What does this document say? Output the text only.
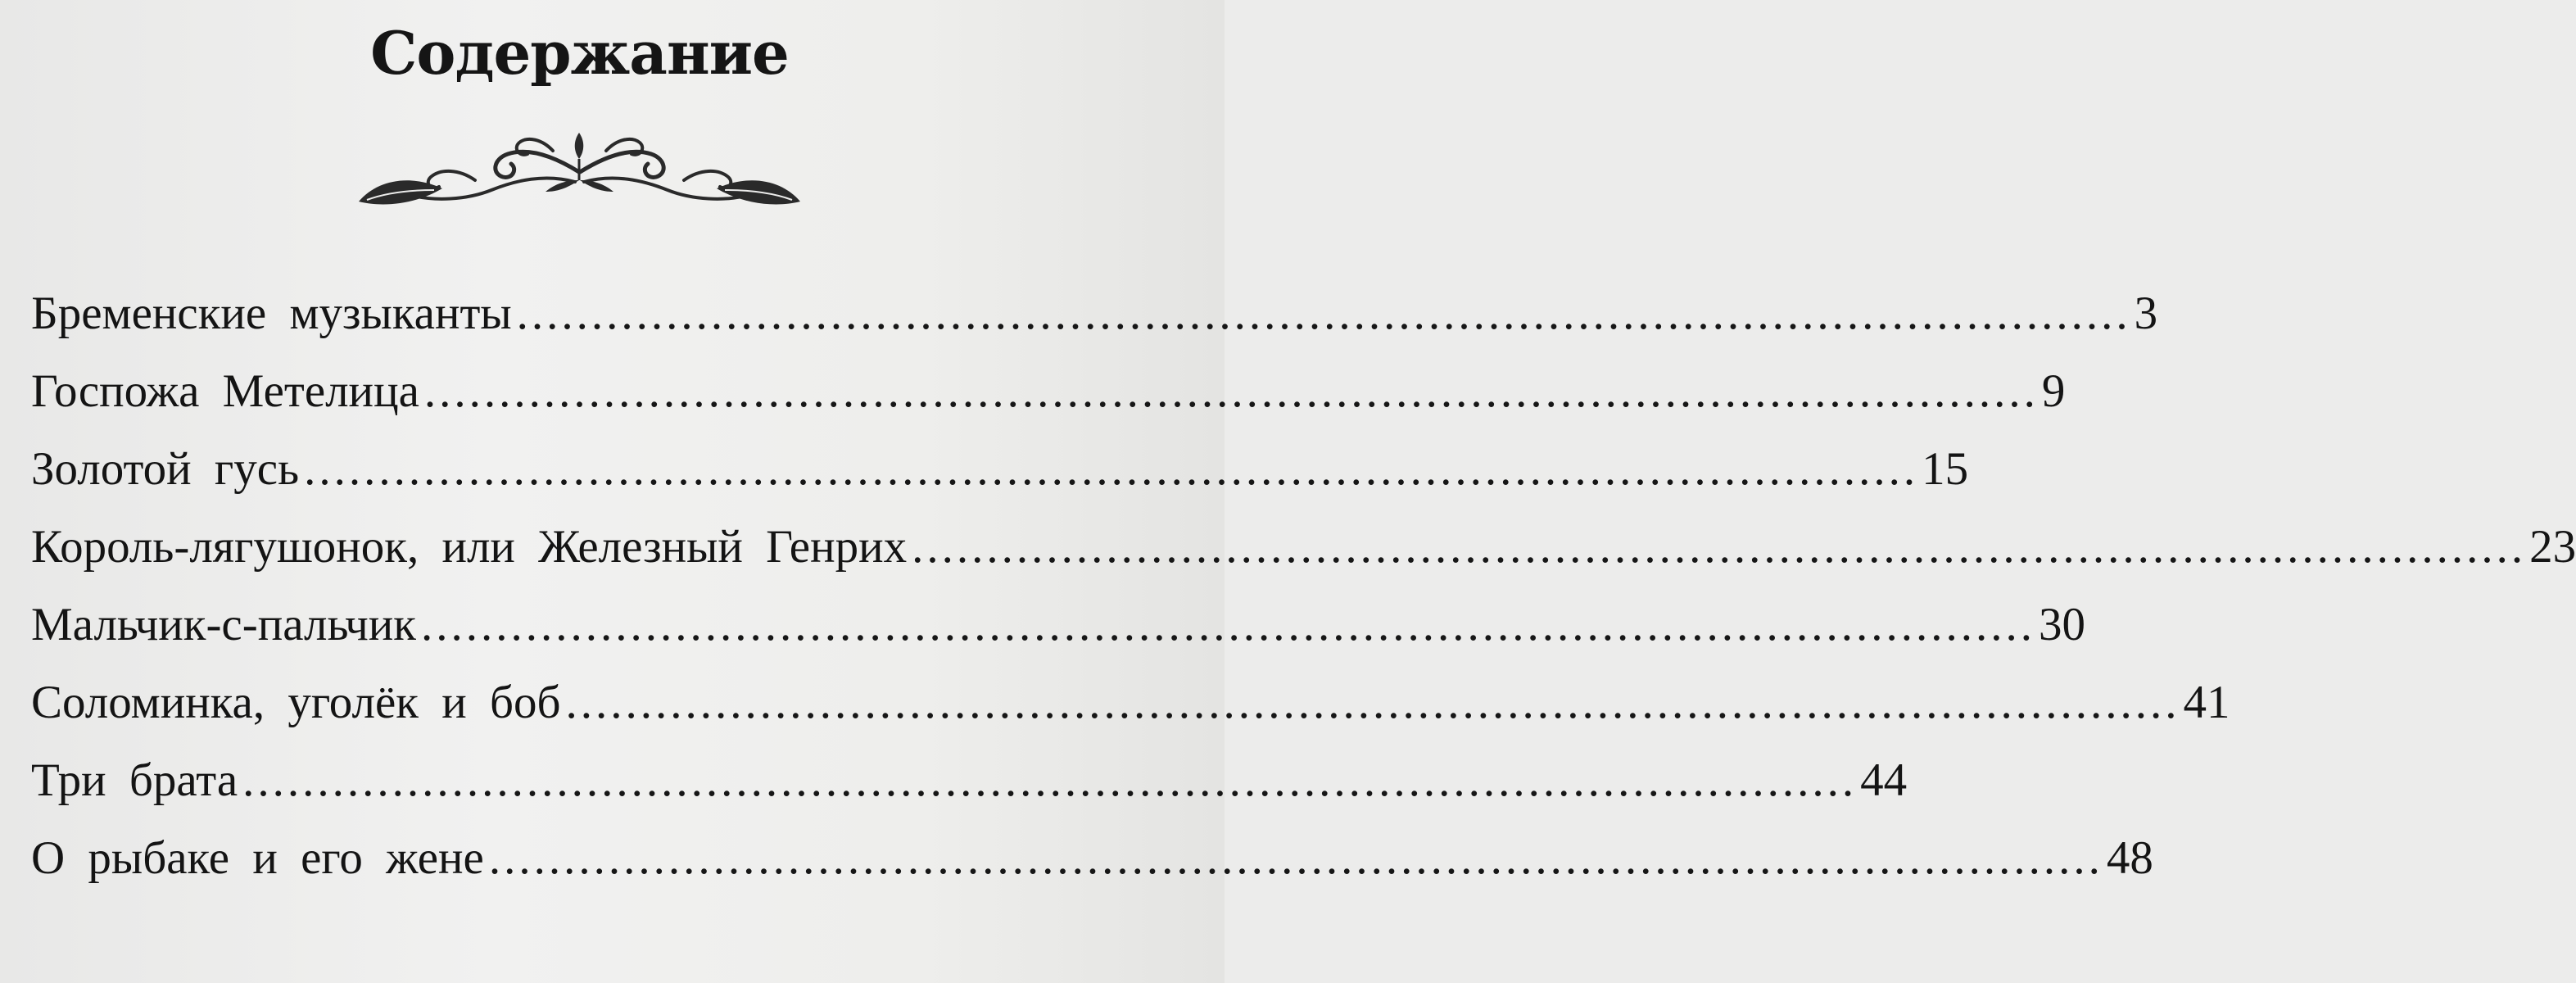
Содержание
Бременские музыканты ............................................................................................................ 3
Госпожа Метелица ............................................................................................................ 9
Золотой гусь ............................................................................................................ 15
Король-лягушонок, или Железный Генрих ............................................................................................................ 23
Мальчик-с-пальчик ............................................................................................................ 30
Соломинка, уголёк и боб ............................................................................................................ 41
Три брата ............................................................................................................ 44
О рыбаке и его жене ............................................................................................................ 48
